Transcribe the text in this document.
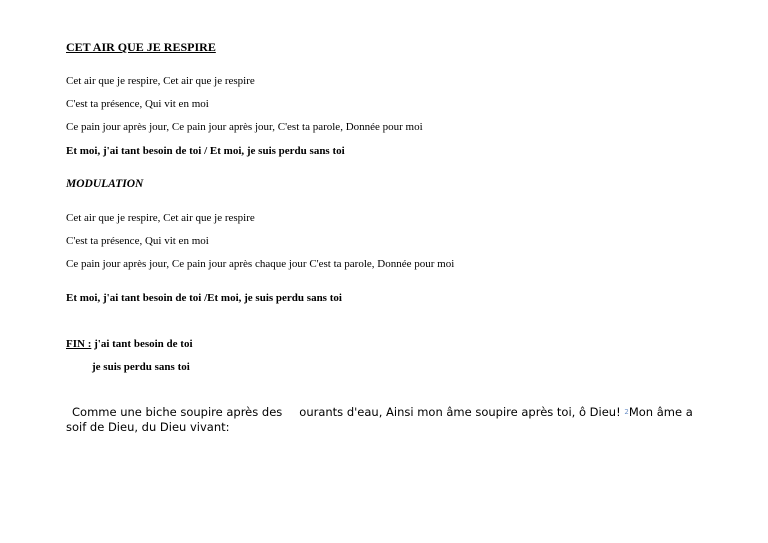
CET AIR QUE JE RESPIRE
Cet air que je respire, Cet air que je respire
C'est ta présence, Qui vit en moi
Ce pain jour après jour, Ce pain jour après jour, C'est ta parole, Donnée pour moi
Et moi, j'ai tant besoin de toi / Et moi, je suis perdu sans toi
MODULATION
Cet air que je respire, Cet air que je respire
C'est ta présence, Qui vit en moi
Ce pain jour après jour, Ce pain jour après chaque jour C'est ta parole, Donnée pour moi
Et moi, j'ai tant besoin de toi /Et moi, je suis perdu sans toi
FIN : j'ai tant besoin de toi
je suis perdu sans toi
Comme une biche soupire après des ourants d'eau, Ainsi mon âme soupire après toi, ô Dieu! $^2$Mon âme a soif de Dieu, du Dieu vivant:
